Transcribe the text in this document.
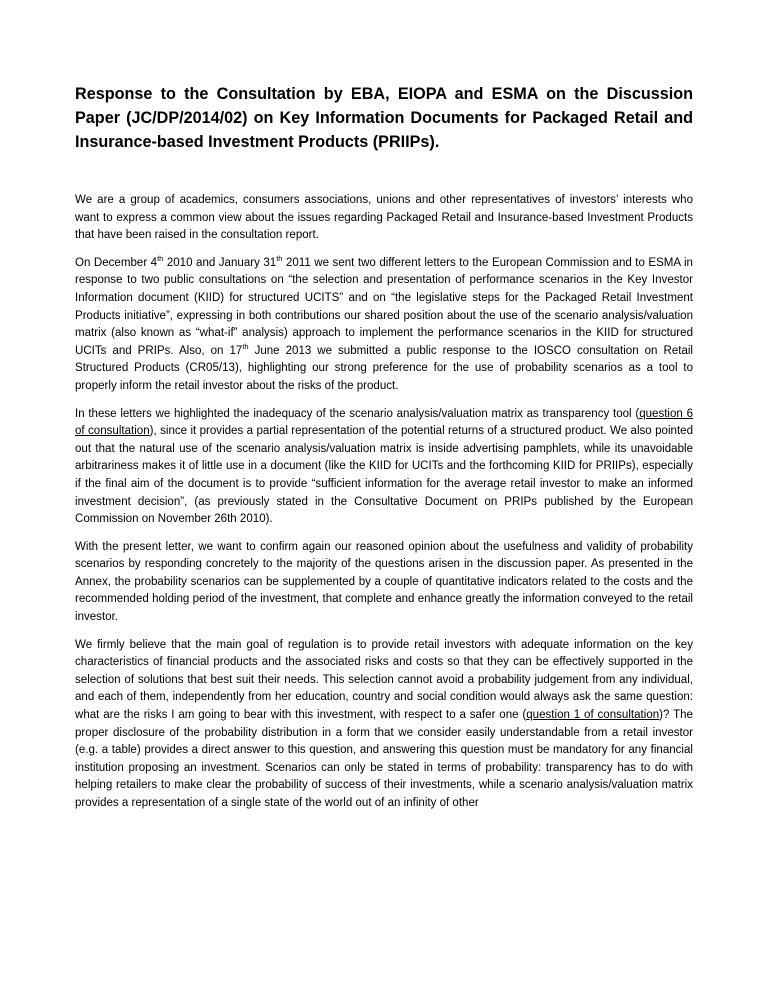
Response to the Consultation by EBA, EIOPA and ESMA on the Discussion Paper (JC/DP/2014/02) on Key Information Documents for Packaged Retail and Insurance-based Investment Products (PRIIPs).

We are a group of academics, consumers associations, unions and other representatives of investors’ interests who want to express a common view about the issues regarding Packaged Retail and Insurance-based Investment Products that have been raised in the consultation report.

On December 4th 2010 and January 31th 2011 we sent two different letters to the European Commission and to ESMA in response to two public consultations on “the selection and presentation of performance scenarios in the Key Investor Information document (KIID) for structured UCITS” and on “the legislative steps for the Packaged Retail Investment Products initiative”, expressing in both contributions our shared position about the use of the scenario analysis/valuation matrix (also known as “what-if” analysis) approach to implement the performance scenarios in the KIID for structured UCITs and PRIPs. Also, on 17th June 2013 we submitted a public response to the IOSCO consultation on Retail Structured Products (CR05/13), highlighting our strong preference for the use of probability scenarios as a tool to properly inform the retail investor about the risks of the product.

In these letters we highlighted the inadequacy of the scenario analysis/valuation matrix as transparency tool (question 6 of consultation), since it provides a partial representation of the potential returns of a structured product. We also pointed out that the natural use of the scenario analysis/valuation matrix is inside advertising pamphlets, while its unavoidable arbitrariness makes it of little use in a document (like the KIID for UCITs and the forthcoming KIID for PRIIPs), especially if the final aim of the document is to provide “sufficient information for the average retail investor to make an informed investment decision”, (as previously stated in the Consultative Document on PRIPs published by the European Commission on November 26th 2010).

With the present letter, we want to confirm again our reasoned opinion about the usefulness and validity of probability scenarios by responding concretely to the majority of the questions arisen in the discussion paper. As presented in the Annex, the probability scenarios can be supplemented by a couple of quantitative indicators related to the costs and the recommended holding period of the investment, that complete and enhance greatly the information conveyed to the retail investor.

We firmly believe that the main goal of regulation is to provide retail investors with adequate information on the key characteristics of financial products and the associated risks and costs so that they can be effectively supported in the selection of solutions that best suit their needs. This selection cannot avoid a probability judgement from any individual, and each of them, independently from her education, country and social condition would always ask the same question: what are the risks I am going to bear with this investment, with respect to a safer one (question 1 of consultation)? The proper disclosure of the probability distribution in a form that we consider easily understandable from a retail investor (e.g. a table) provides a direct answer to this question, and answering this question must be mandatory for any financial institution proposing an investment. Scenarios can only be stated in terms of probability: transparency has to do with helping retailers to make clear the probability of success of their investments, while a scenario analysis/valuation matrix provides a representation of a single state of the world out of an infinity of other
